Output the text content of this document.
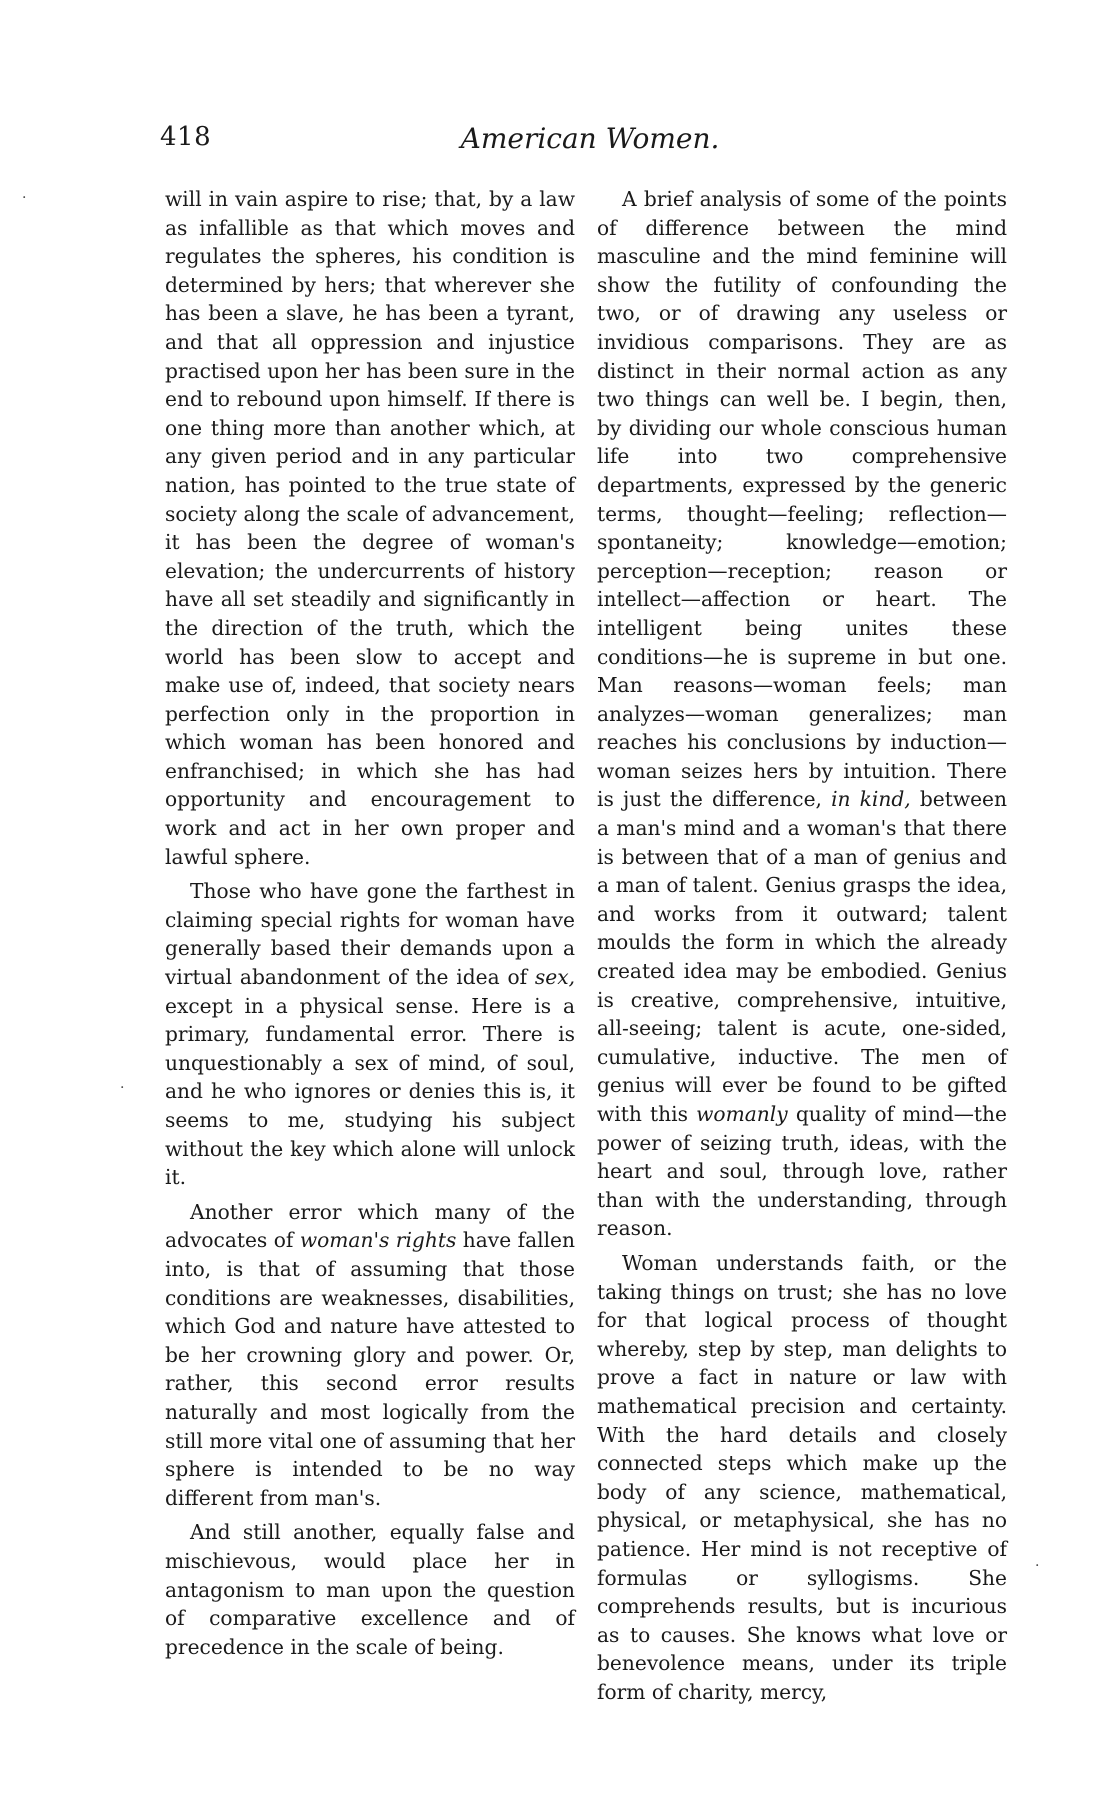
418	American Women.

will in vain aspire to rise; that, by a law as infallible as that which moves and regulates the spheres, his condition is determined by hers; that wherever she has been a slave, he has been a tyrant, and that all oppression and injustice practised upon her has been sure in the end to rebound upon himself. If there is one thing more than another which, at any given period and in any particular nation, has pointed to the true state of society along the scale of advancement, it has been the degree of woman's elevation; the undercurrents of history have all set steadily and significantly in the direction of the truth, which the world has been slow to accept and make use of, indeed, that society nears perfection only in the proportion in which woman has been honored and enfranchised; in which she has had opportunity and encouragement to work and act in her own proper and lawful sphere.

Those who have gone the farthest in claiming special rights for woman have generally based their demands upon a virtual abandonment of the idea of sex, except in a physical sense. Here is a primary, fundamental error. There is unquestionably a sex of mind, of soul, and he who ignores or denies this is, it seems to me, studying his subject without the key which alone will unlock it.

Another error which many of the advocates of woman's rights have fallen into, is that of assuming that those conditions are weaknesses, disabilities, which God and nature have attested to be her crowning glory and power. Or, rather, this second error results naturally and most logically from the still more vital one of assuming that her sphere is intended to be no way different from man's.

And still another, equally false and mischievous, would place her in antagonism to man upon the question of comparative excellence and of precedence in the scale of being.

A brief analysis of some of the points of difference between the mind masculine and the mind feminine will show the futility of confounding the two, or of drawing any useless or invidious comparisons. They are as distinct in their normal action as any two things can well be. I begin, then, by dividing our whole conscious human life into two comprehensive departments, expressed by the generic terms, thought—feeling; reflection—spontaneity; knowledge—emotion; perception—reception; reason or intellect—affection or heart. The intelligent being unites these conditions—he is supreme in but one. Man reasons—woman feels; man analyzes—woman generalizes; man reaches his conclusions by induction—woman seizes hers by intuition. There is just the difference, in kind, between a man's mind and a woman's that there is between that of a man of genius and a man of talent. Genius grasps the idea, and works from it outward; talent moulds the form in which the already created idea may be embodied. Genius is creative, comprehensive, intuitive, all-seeing; talent is acute, one-sided, cumulative, inductive. The men of genius will ever be found to be gifted with this womanly quality of mind—the power of seizing truth, ideas, with the heart and soul, through love, rather than with the understanding, through reason.

Woman understands faith, or the taking things on trust; she has no love for that logical process of thought whereby, step by step, man delights to prove a fact in nature or law with mathematical precision and certainty. With the hard details and closely connected steps which make up the body of any science, mathematical, physical, or metaphysical, she has no patience. Her mind is not receptive of formulas or syllogisms. She comprehends results, but is incurious as to causes. She knows what love or benevolence means, under its triple form of charity, mercy,

·
·
·
